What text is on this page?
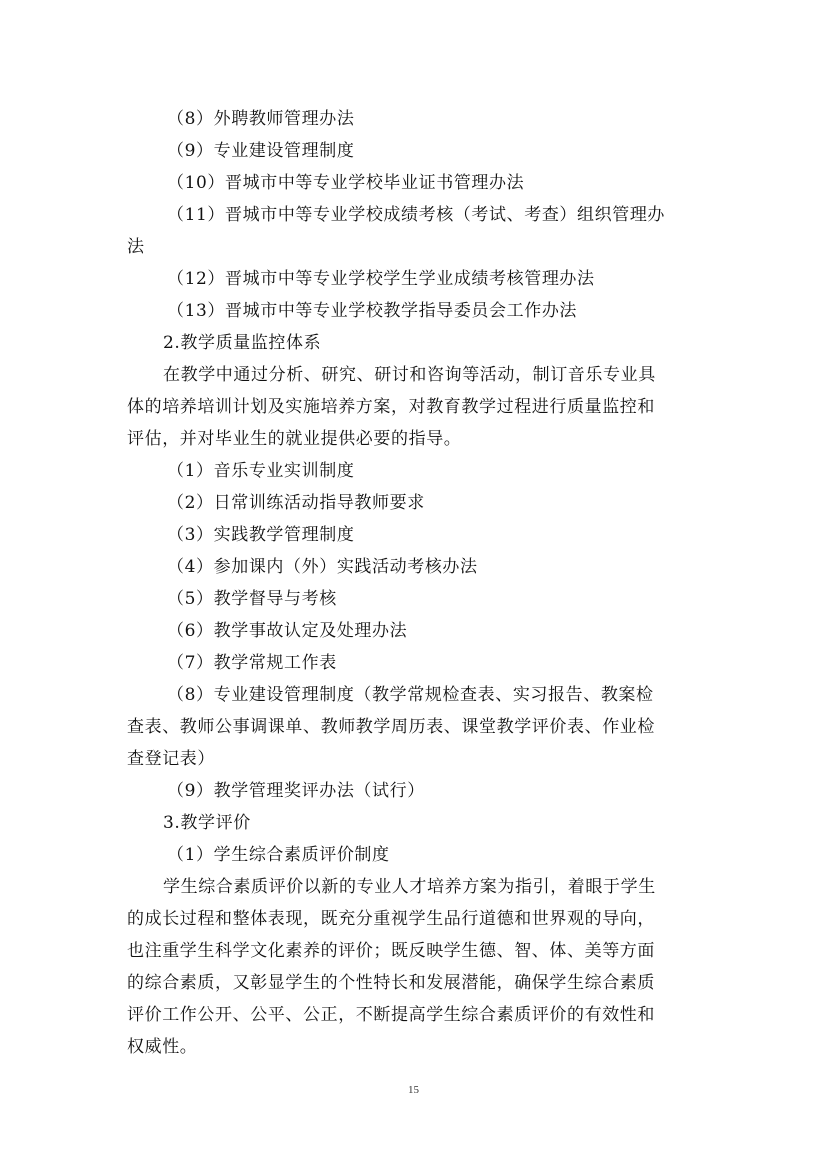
（8）外聘教师管理办法
（9）专业建设管理制度
（10）晋城市中等专业学校毕业证书管理办法
（11）晋城市中等专业学校成绩考核（考试、考查）组织管理办
法
（12）晋城市中等专业学校学生学业成绩考核管理办法
（13）晋城市中等专业学校教学指导委员会工作办法
2.教学质量监控体系
在教学中通过分析、研究、研讨和咨询等活动，制订音乐专业具
体的培养培训计划及实施培养方案，对教育教学过程进行质量监控和
评估，并对毕业生的就业提供必要的指导。
（1）音乐专业实训制度
（2）日常训练活动指导教师要求
（3）实践教学管理制度
（4）参加课内（外）实践活动考核办法
（5）教学督导与考核
（6）教学事故认定及处理办法
（7）教学常规工作表
（8）专业建设管理制度（教学常规检查表、实习报告、教案检
查表、教师公事调课单、教师教学周历表、课堂教学评价表、作业检
查登记表）
（9）教学管理奖评办法（试行）
3.教学评价
（1）学生综合素质评价制度
学生综合素质评价以新的专业人才培养方案为指引，着眼于学生
的成长过程和整体表现，既充分重视学生品行道德和世界观的导向，
也注重学生科学文化素养的评价；既反映学生德、智、体、美等方面
的综合素质，又彰显学生的个性特长和发展潜能，确保学生综合素质
评价工作公开、公平、公正，不断提高学生综合素质评价的有效性和
权威性。
15
